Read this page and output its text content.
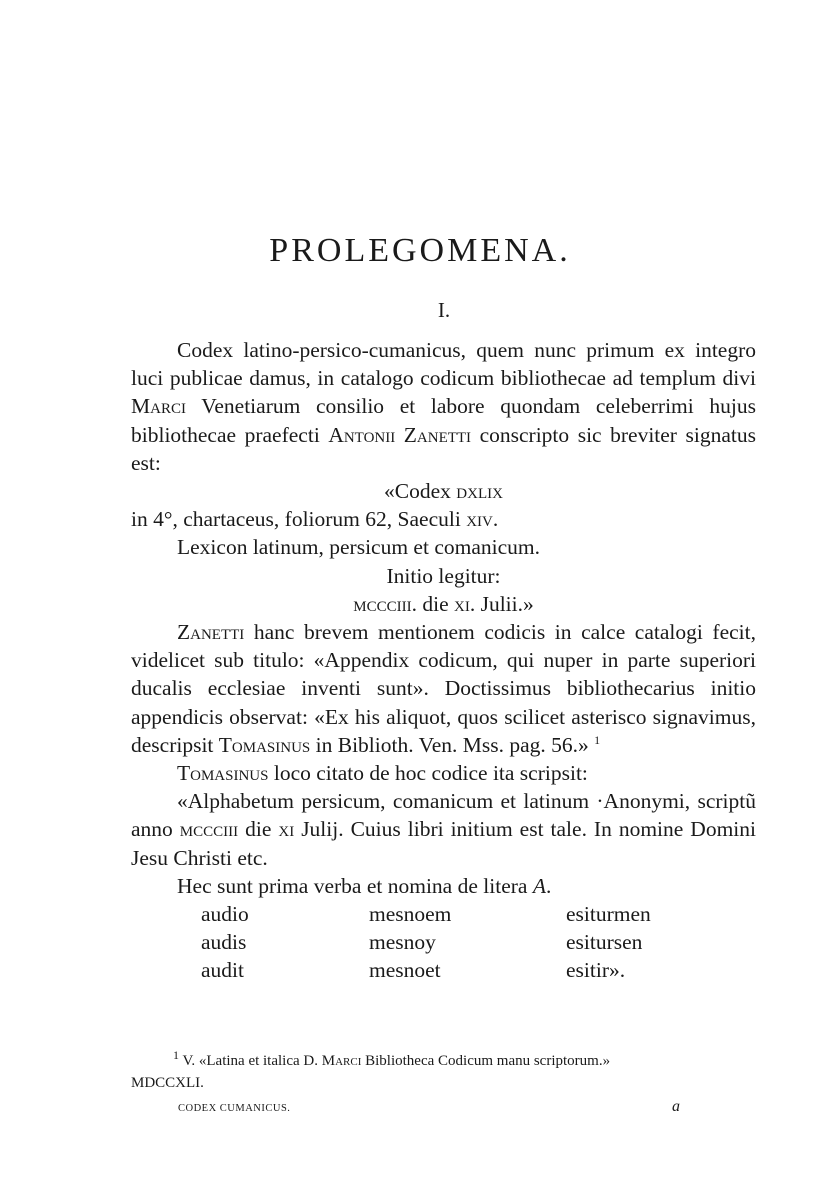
PROLEGOMENA.
I.

Codex latino-persico-cumanicus, quem nunc primum ex integro luci publicae damus, in catalogo codicum bibliothecae ad templum divi Marci Venetiarum consilio et labore quondam celeberrimi hujus bibliothecae praefecti Antonii Zanetti conscripto sic breviter signatus est:

«Codex dxlix

in 4°, chartaceus, foliorum 62, Saeculi xiv.

Lexicon latinum, persicum et comanicum.

Initio legitur:

mccciii. die xi. Julii.»

Zanetti hanc brevem mentionem codicis in calce catalogi fecit, videlicet sub titulo: «Appendix codicum, qui nuper in parte superiori ducalis ecclesiae inventi sunt». Doctissimus bibliothecarius initio appendicis observat: «Ex his aliquot, quos scilicet asterisco signavimus, descripsit Tomasinus in Biblioth. Ven. Mss. pag. 56.» $^1$

Tomasinus loco citato de hoc codice ita scripsit:

«Alphabetum persicum, comanicum et latinum ·Anonymi, scriptũ anno mccciii die xi Julij. Cuius libri initium est tale. In nomine Domini Jesu Christi etc.

Hec sunt prima verba et nomina de litera A.

audio	mesnoem	esiturmen
audis	mesnoy	esitursen
audit	mesnoet	esitir».
$^1$ V. «Latina et italica D. Marci Bibliotheca Codicum manu scriptorum.»
MDCCXLI.
CODEX CUMANICUS.	a
